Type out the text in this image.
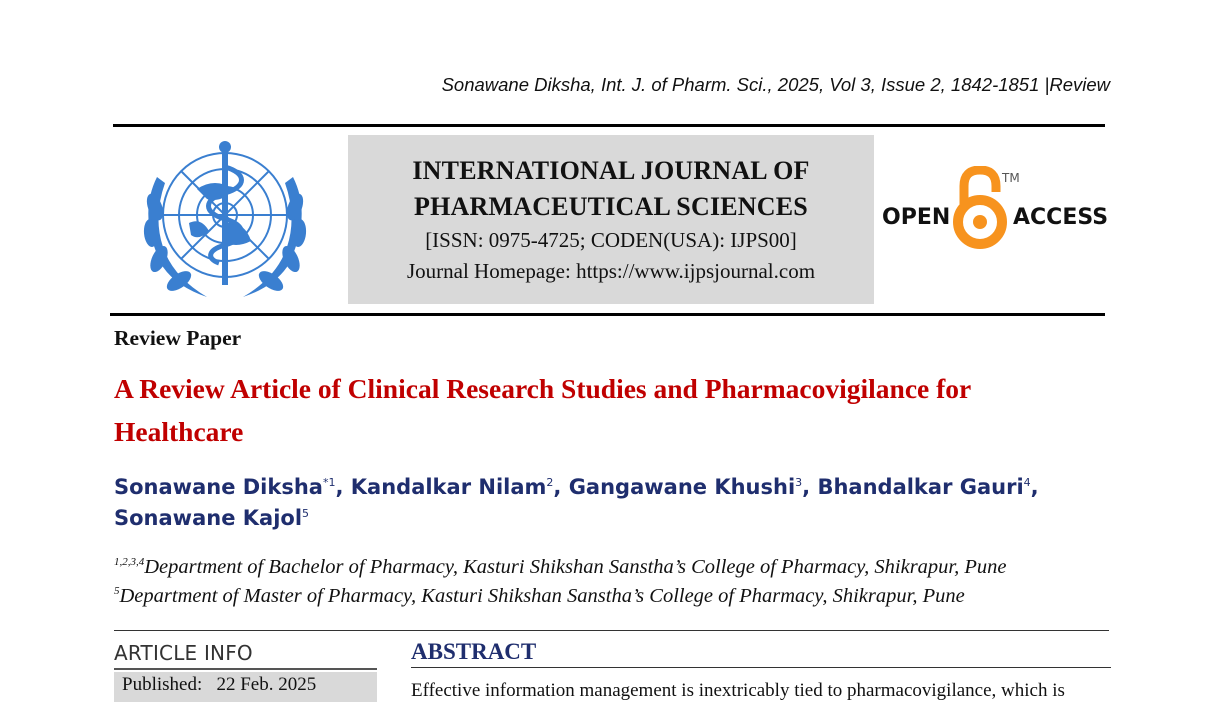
Sonawane Diksha, Int. J. of Pharm. Sci., 2025, Vol 3, Issue 2, 1842-1851 |Review
INTERNATIONAL JOURNAL OF
PHARMACEUTICAL SCIENCES
[ISSN: 0975-4725; CODEN(USA): IJPS00]
Journal Homepage: https://www.ijpsjournal.com
OPEN	ACCESS
TM
Review Paper
A Review Article of Clinical Research Studies and Pharmacovigilance for Healthcare
Sonawane Diksha$^{*1}$, Kandalkar Nilam$^2$, Gangawane Khushi$^3$, Bhandalkar Gauri$^4$,
Sonawane Kajol$^5$
$^{1,2,3,4}$Department of Bachelor of Pharmacy, Kasturi Shikshan Sanstha’s College of Pharmacy, Shikrapur, Pune
$^5$Department of Master of Pharmacy, Kasturi Shikshan Sanstha’s College of Pharmacy, Shikrapur, Pune
ARTICLE INFO
Published: 22 Feb. 2025
ABSTRACT
Effective information management is inextricably tied to pharmacovigilance, which is
